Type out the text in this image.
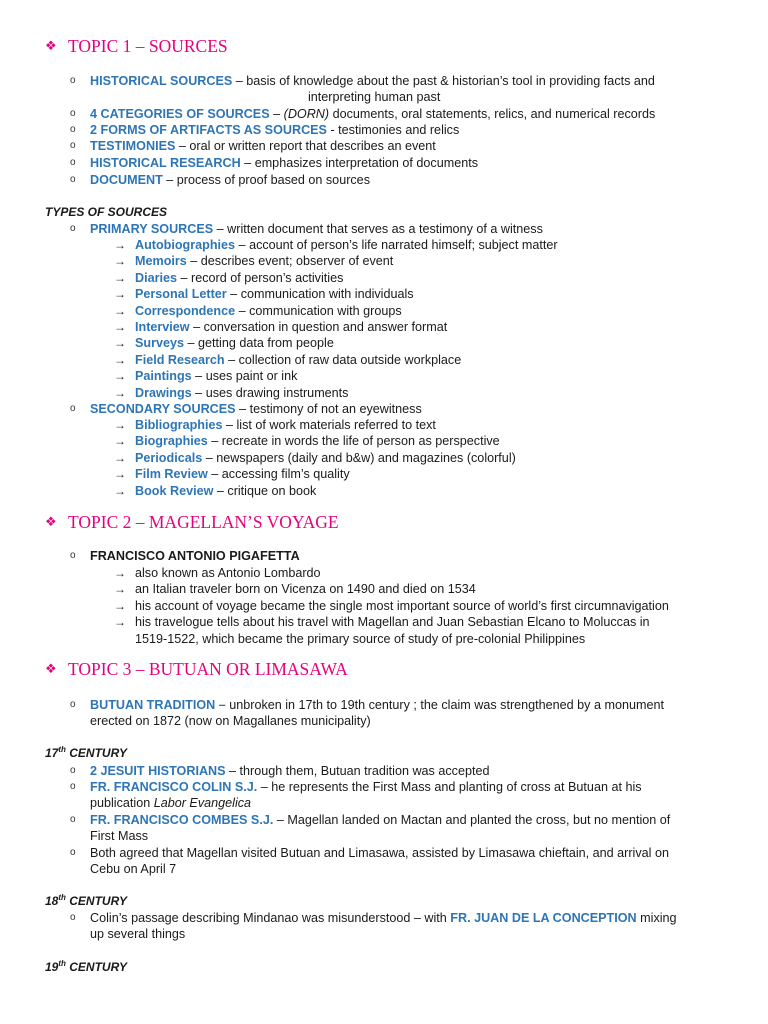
❖ TOPIC 1 – SOURCES
o	HISTORICAL SOURCES – basis of knowledge about the past & historian’s tool in providing facts and
interpreting human past
o	4 CATEGORIES OF SOURCES – (DORN) documents, oral statements, relics, and numerical records
o	2 FORMS OF ARTIFACTS AS SOURCES - testimonies and relics
o	TESTIMONIES – oral or written report that describes an event
o	HISTORICAL RESEARCH – emphasizes interpretation of documents
o	DOCUMENT – process of proof based on sources
TYPES OF SOURCES
o	PRIMARY SOURCES – written document that serves as a testimony of a witness
→ Autobiographies – account of person’s life narrated himself; subject matter
→ Memoirs – describes event; observer of event
→ Diaries – record of person’s activities
→ Personal Letter – communication with individuals
→ Correspondence – communication with groups
→ Interview – conversation in question and answer format
→ Surveys – getting data from people
→ Field Research – collection of raw data outside workplace
→ Paintings – uses paint or ink
→ Drawings – uses drawing instruments
o	SECONDARY SOURCES – testimony of not an eyewitness
→ Bibliographies – list of work materials referred to text
→ Biographies – recreate in words the life of person as perspective
→ Periodicals – newspapers (daily and b&w) and magazines (colorful)
→ Film Review – accessing film’s quality
→ Book Review – critique on book
❖ TOPIC 2 – MAGELLAN’S VOYAGE
o	FRANCISCO ANTONIO PIGAFETTA
→ also known as Antonio Lombardo
→ an Italian traveler born on Vicenza on 1490 and died on 1534
→ his account of voyage became the single most important source of world’s first circumnavigation
→ his travelogue tells about his travel with Magellan and Juan Sebastian Elcano to Moluccas in
1519-1522, which became the primary source of study of pre-colonial Philippines
❖ TOPIC 3 – BUTUAN OR LIMASAWA
o	BUTUAN TRADITION – unbroken in 17th to 19th century ; the claim was strengthened by a monument
erected on 1872 (now on Magallanes municipality)
17th CENTURY
o	2 JESUIT HISTORIANS – through them, Butuan tradition was accepted
o	FR. FRANCISCO COLIN S.J. – he represents the First Mass and planting of cross at Butuan at his
publication Labor Evangelica
o	FR. FRANCISCO COMBES S.J. – Magellan landed on Mactan and planted the cross, but no mention of
First Mass
o	Both agreed that Magellan visited Butuan and Limasawa, assisted by Limasawa chieftain, and arrival on
Cebu on April 7
18th CENTURY
o	Colin’s passage describing Mindanao was misunderstood – with FR. JUAN DE LA CONCEPTION mixing
up several things
19th CENTURY
